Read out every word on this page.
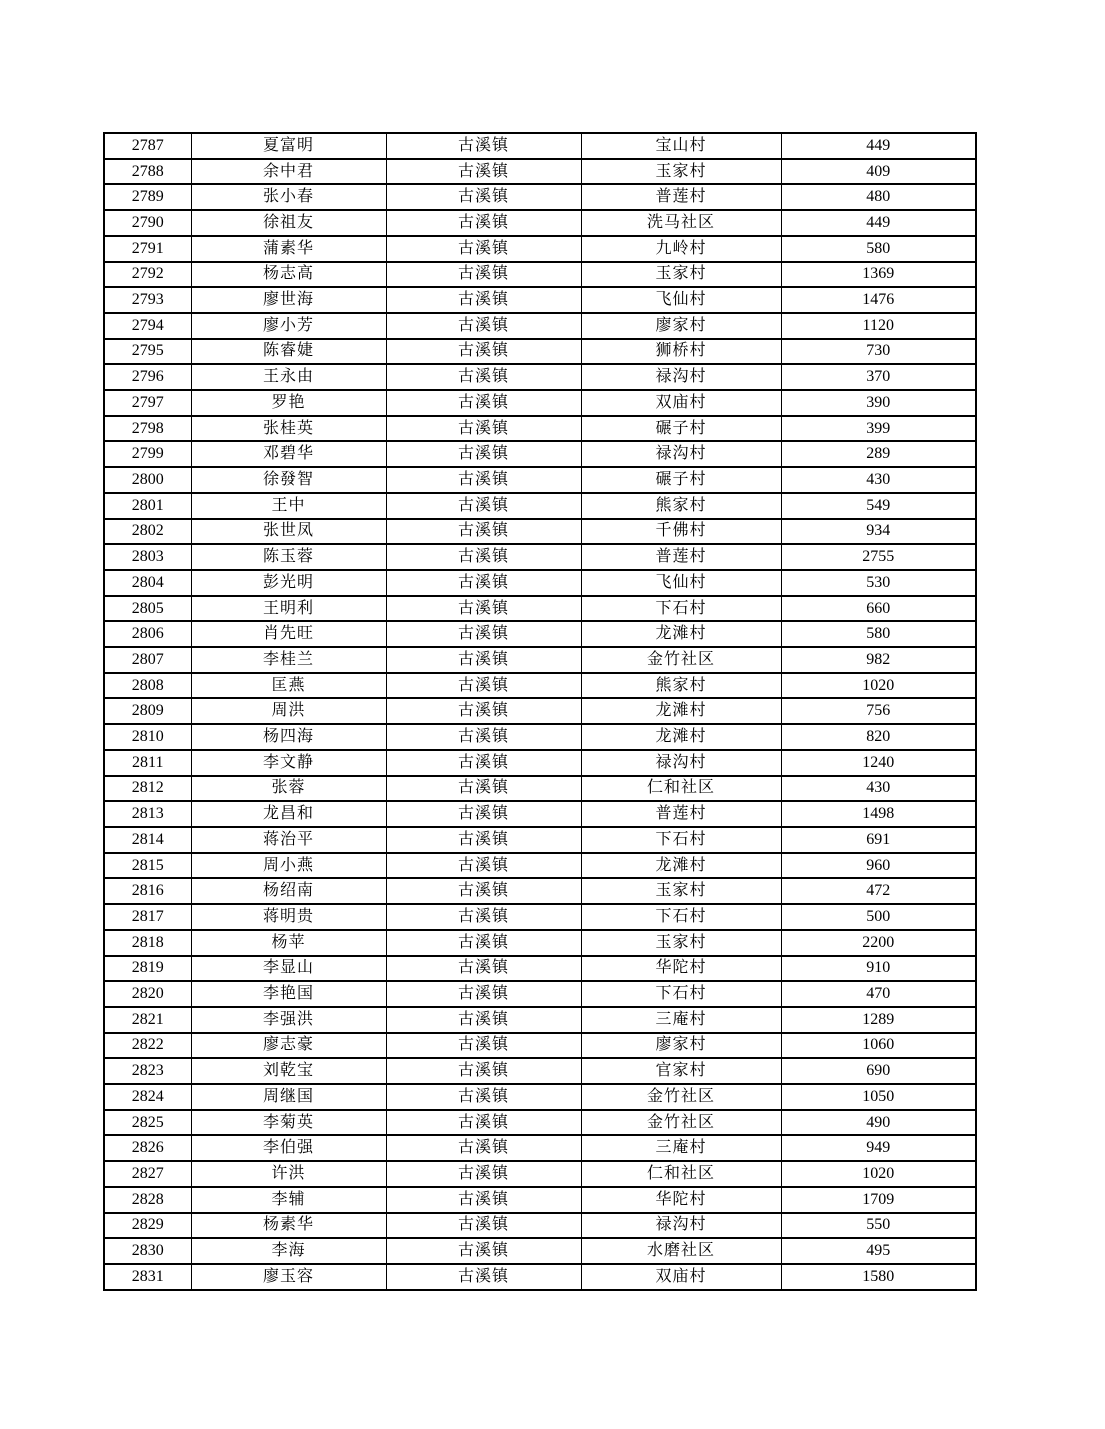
2787	夏富明	古溪镇	宝山村	449
2788	余中君	古溪镇	玉家村	409
2789	张小春	古溪镇	普莲村	480
2790	徐祖友	古溪镇	洗马社区	449
2791	蒲素华	古溪镇	九岭村	580
2792	杨志高	古溪镇	玉家村	1369
2793	廖世海	古溪镇	飞仙村	1476
2794	廖小芳	古溪镇	廖家村	1120
2795	陈睿婕	古溪镇	狮桥村	730
2796	王永由	古溪镇	禄沟村	370
2797	罗艳	古溪镇	双庙村	390
2798	张桂英	古溪镇	碾子村	399
2799	邓碧华	古溪镇	禄沟村	289
2800	徐發智	古溪镇	碾子村	430
2801	王中	古溪镇	熊家村	549
2802	张世凤	古溪镇	千佛村	934
2803	陈玉蓉	古溪镇	普莲村	2755
2804	彭光明	古溪镇	飞仙村	530
2805	王明利	古溪镇	下石村	660
2806	肖先旺	古溪镇	龙滩村	580
2807	李桂兰	古溪镇	金竹社区	982
2808	匡燕	古溪镇	熊家村	1020
2809	周洪	古溪镇	龙滩村	756
2810	杨四海	古溪镇	龙滩村	820
2811	李文静	古溪镇	禄沟村	1240
2812	张蓉	古溪镇	仁和社区	430
2813	龙昌和	古溪镇	普莲村	1498
2814	蒋治平	古溪镇	下石村	691
2815	周小燕	古溪镇	龙滩村	960
2816	杨绍南	古溪镇	玉家村	472
2817	蒋明贵	古溪镇	下石村	500
2818	杨苹	古溪镇	玉家村	2200
2819	李显山	古溪镇	华陀村	910
2820	李艳国	古溪镇	下石村	470
2821	李强洪	古溪镇	三庵村	1289
2822	廖志豪	古溪镇	廖家村	1060
2823	刘乾宝	古溪镇	官家村	690
2824	周继国	古溪镇	金竹社区	1050
2825	李菊英	古溪镇	金竹社区	490
2826	李伯强	古溪镇	三庵村	949
2827	许洪	古溪镇	仁和社区	1020
2828	李辅	古溪镇	华陀村	1709
2829	杨素华	古溪镇	禄沟村	550
2830	李海	古溪镇	水磨社区	495
2831	廖玉容	古溪镇	双庙村	1580
